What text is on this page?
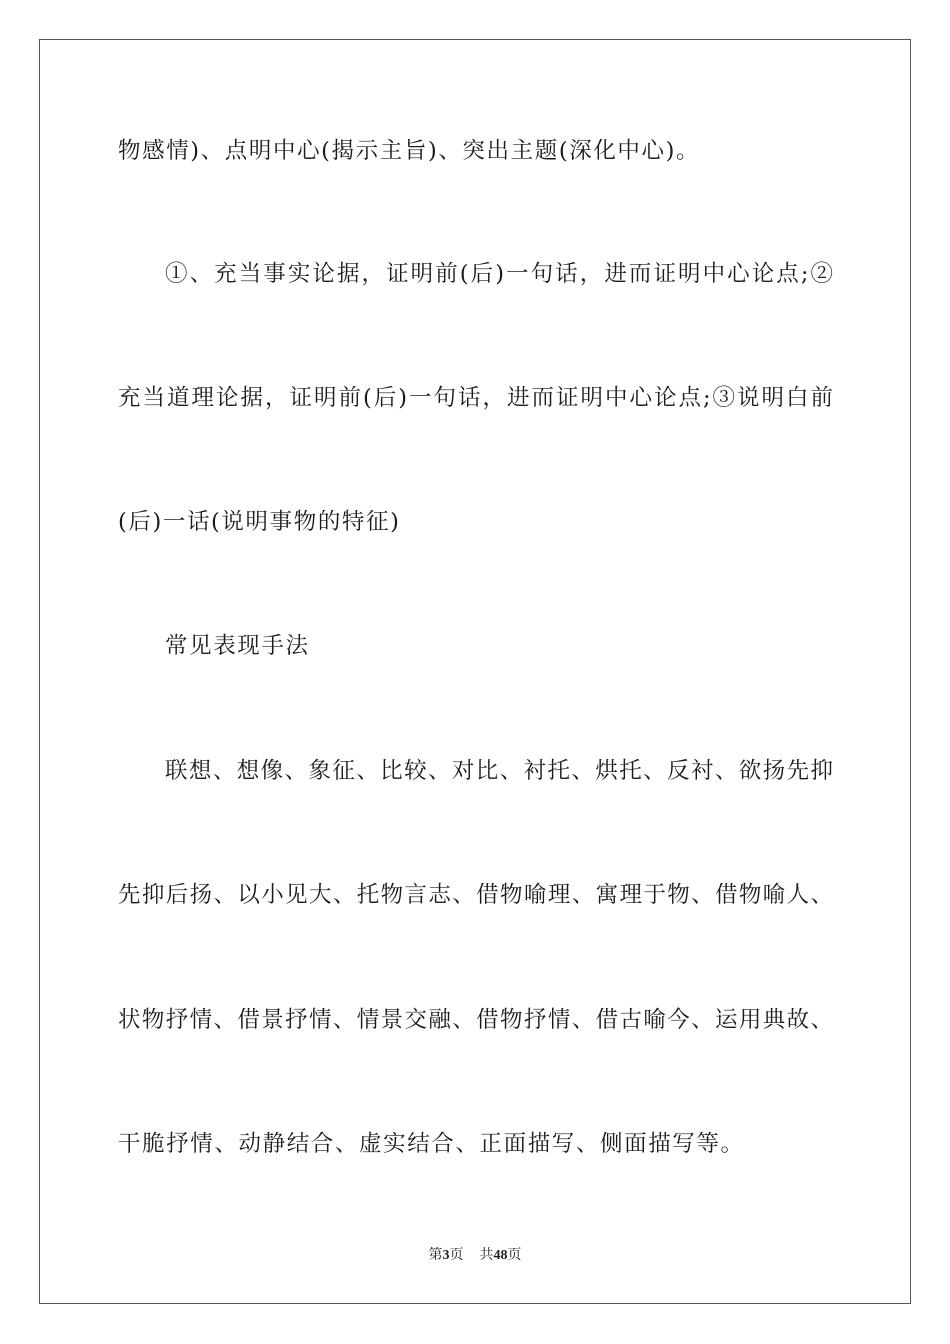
物感情)、点明中心(揭示主旨)、突出主题(深化中心)。
①、充当事实论据，证明前(后)一句话，进而证明中心论点;②
充当道理论据，证明前(后)一句话，进而证明中心论点;③说明白前
(后)一话(说明事物的特征)
常见表现手法
联想、想像、象征、比较、对比、衬托、烘托、反衬、欲扬先抑
先抑后扬、以小见大、托物言志、借物喻理、寓理于物、借物喻人、
状物抒情、借景抒情、情景交融、借物抒情、借古喻今、运用典故、
干脆抒情、动静结合、虚实结合、正面描写、侧面描写等。
第3页 共48页
